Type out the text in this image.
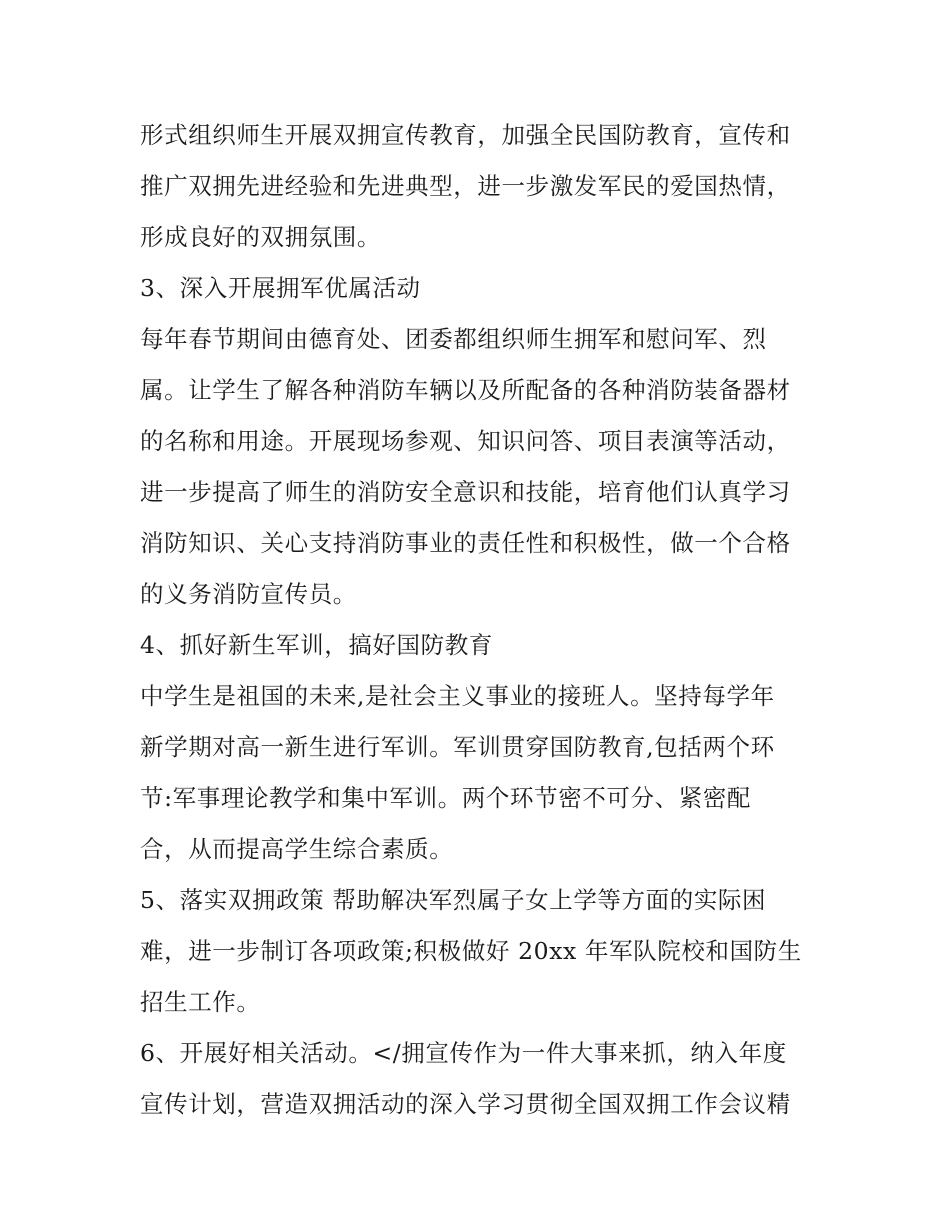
形式组织师生开展双拥宣传教育，加强全民国防教育，宣传和
推广双拥先进经验和先进典型，进一步激发军民的爱国热情，
形成良好的双拥氛围。
3、深入开展拥军优属活动
每年春节期间由德育处、团委都组织师生拥军和慰问军、烈
属。让学生了解各种消防车辆以及所配备的各种消防装备器材
的名称和用途。开展现场参观、知识问答、项目表演等活动，
进一步提高了师生的消防安全意识和技能，培育他们认真学习
消防知识、关心支持消防事业的责任性和积极性，做一个合格
的义务消防宣传员。
4、抓好新生军训，搞好国防教育
中学生是祖国的未来,是社会主义事业的接班人。坚持每学年
新学期对高一新生进行军训。军训贯穿国防教育,包括两个环
节:军事理论教学和集中军训。两个环节密不可分、紧密配
合，从而提高学生综合素质。
5、落实双拥政策 帮助解决军烈属子女上学等方面的实际困
难，进一步制订各项政策;积极做好 20xx 年军队院校和国防生
招生工作。
6、开展好相关活动。</拥宣传作为一件大事来抓，纳入年度
宣传计划，营造双拥活动的深入学习贯彻全国双拥工作会议精
